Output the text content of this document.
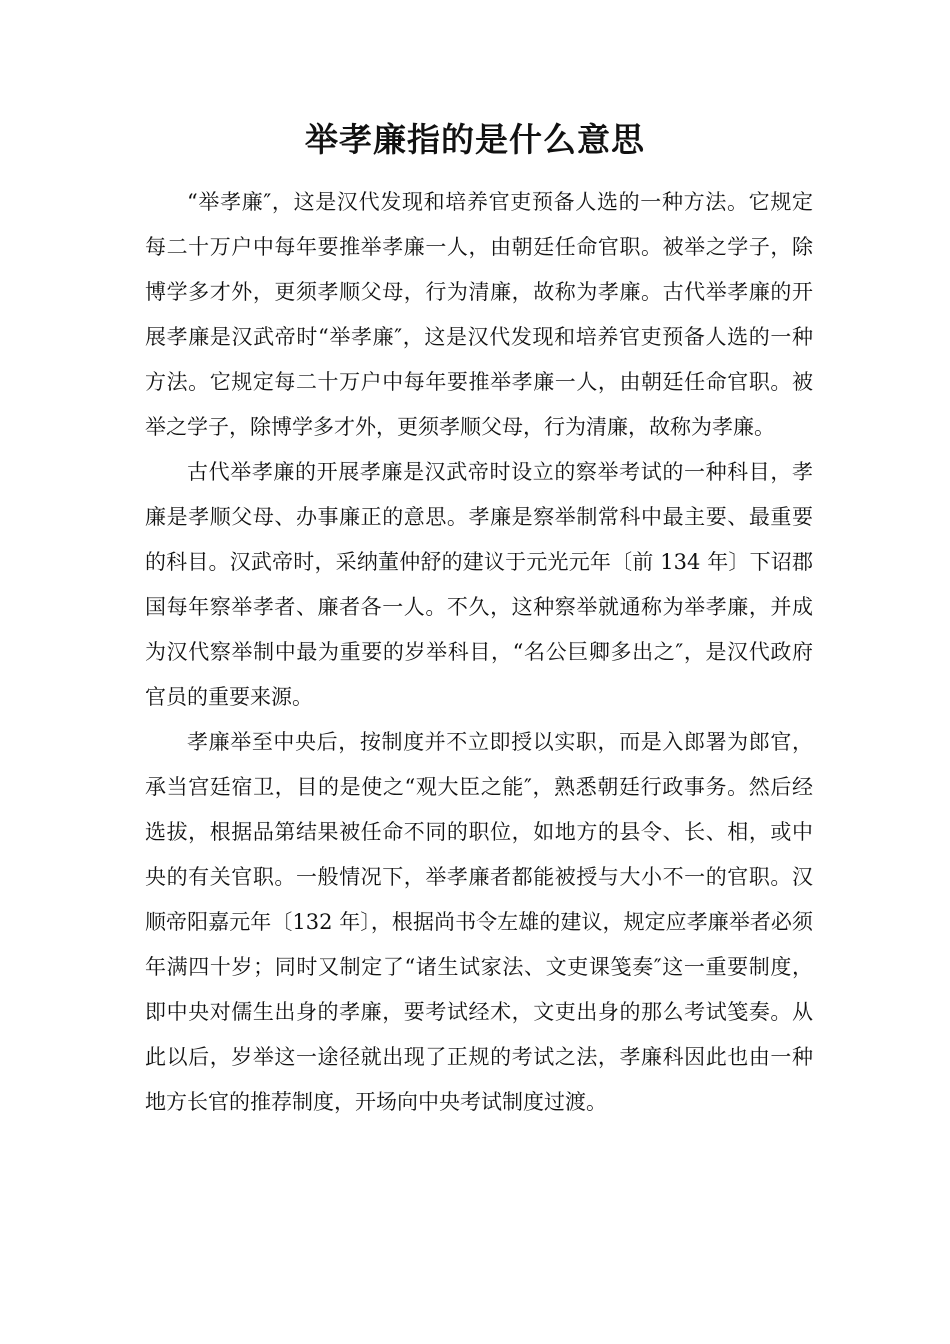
举孝廉指的是什么意思

“举孝廉″，这是汉代发现和培养官吏预备人选的一种方法。它规定每二十万户中每年要推举孝廉一人，由朝廷任命官职。被举之学子，除博学多才外，更须孝顺父母，行为清廉，故称为孝廉。古代举孝廉的开展孝廉是汉武帝时“举孝廉″，这是汉代发现和培养官吏预备人选的一种方法。它规定每二十万户中每年要推举孝廉一人，由朝廷任命官职。被举之学子，除博学多才外，更须孝顺父母，行为清廉，故称为孝廉。

古代举孝廉的开展孝廉是汉武帝时设立的察举考试的一种科目，孝廉是孝顺父母、办事廉正的意思。孝廉是察举制常科中最主要、最重要的科目。汉武帝时，采纳董仲舒的建议于元光元年〔前 134 年〕下诏郡国每年察举孝者、廉者各一人。不久，这种察举就通称为举孝廉，并成为汉代察举制中最为重要的岁举科目，“名公巨卿多出之″，是汉代政府官员的重要来源。

孝廉举至中央后，按制度并不立即授以实职，而是入郎署为郎官，承当宫廷宿卫，目的是使之“观大臣之能″，熟悉朝廷行政事务。然后经选拔，根据品第结果被任命不同的职位，如地方的县令、长、相，或中央的有关官职。一般情况下，举孝廉者都能被授与大小不一的官职。汉顺帝阳嘉元年〔132 年〕，根据尚书令左雄的建议，规定应孝廉举者必须年满四十岁；同时又制定了“诸生试家法、文吏课笺奏″这一重要制度，即中央对儒生出身的孝廉，要考试经术，文吏出身的那么考试笺奏。从此以后，岁举这一途径就出现了正规的考试之法，孝廉科因此也由一种地方长官的推荐制度，开场向中央考试制度过渡。
